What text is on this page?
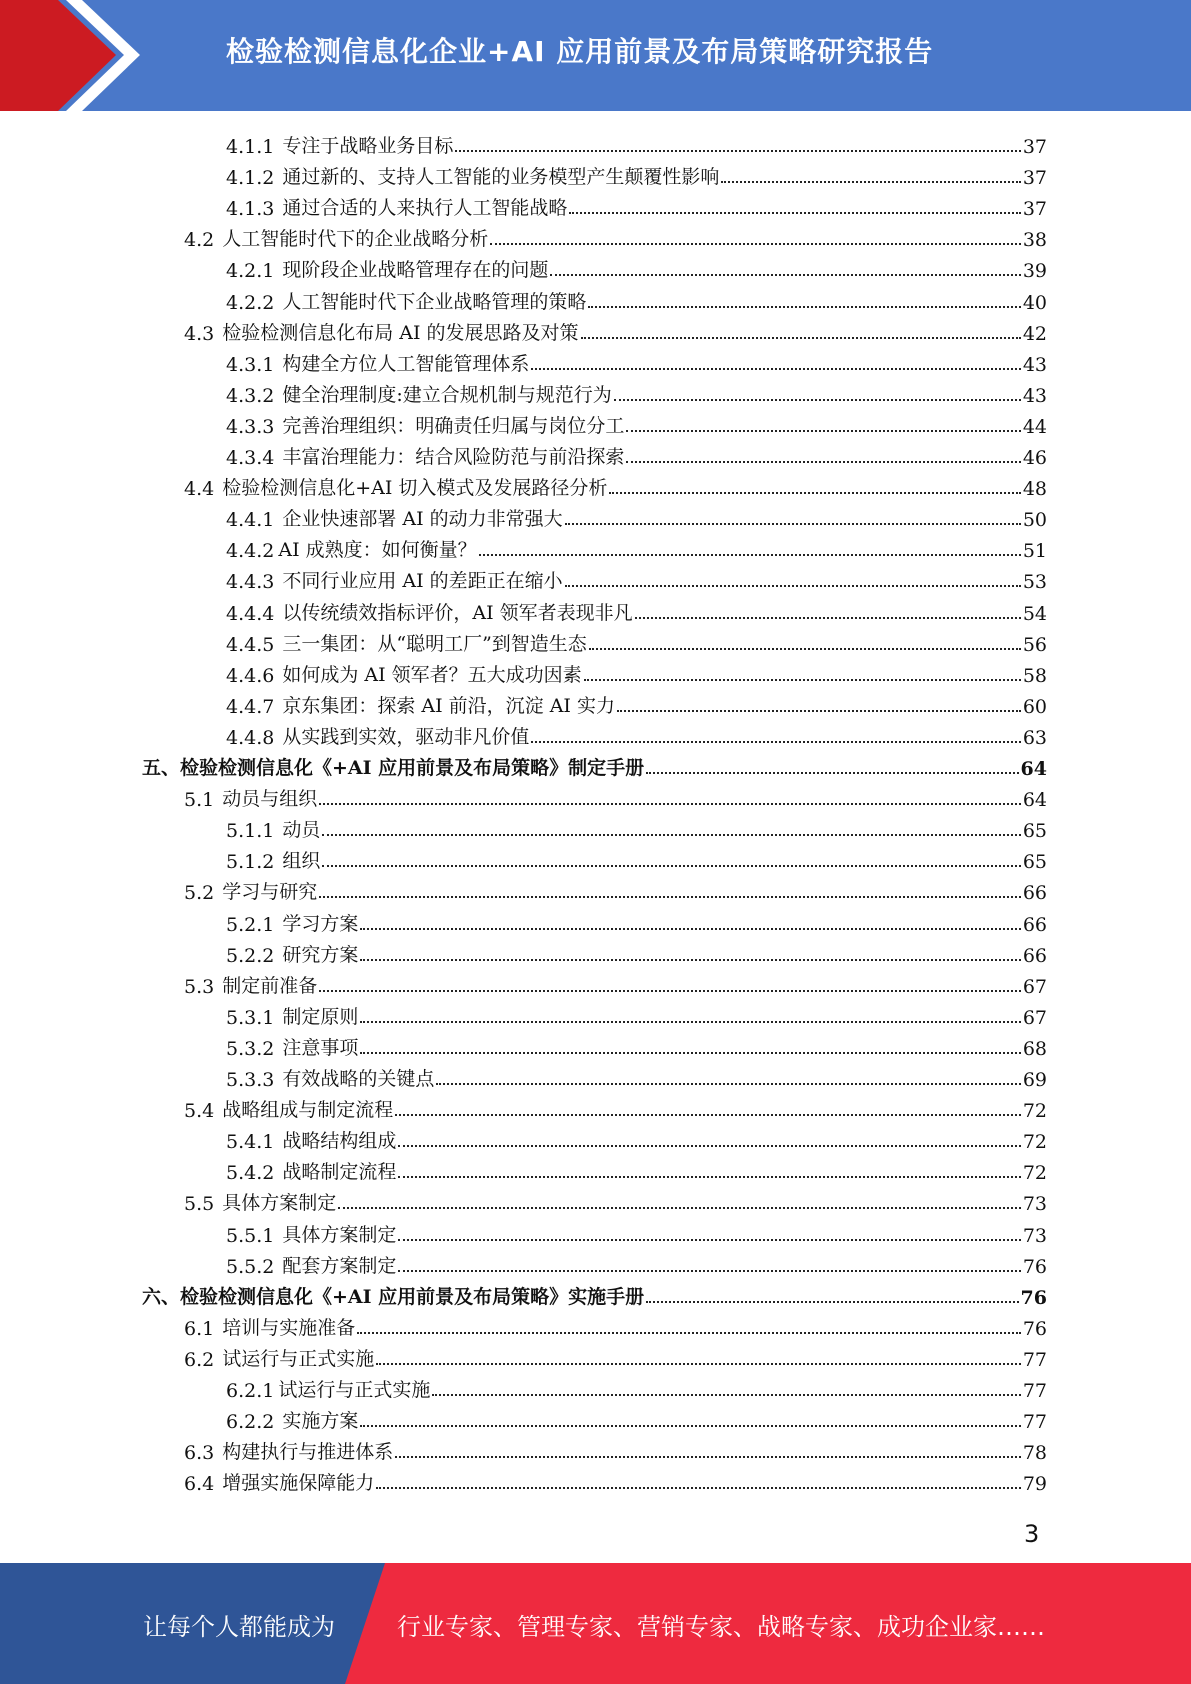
检验检测信息化企业+AI 应用前景及布局策略研究报告
4.1.1 专注于战略业务目标	37
4.1.2 通过新的、支持人工智能的业务模型产生颠覆性影响	37
4.1.3 通过合适的人来执行人工智能战略	37
4.2 人工智能时代下的企业战略分析	38
4.2.1 现阶段企业战略管理存在的问题	39
4.2.2 人工智能时代下企业战略管理的策略	40
4.3 检验检测信息化布局 AI 的发展思路及对策	42
4.3.1 构建全方位人工智能管理体系	43
4.3.2 健全治理制度:建立合规机制与规范行为	43
4.3.3 完善治理组织：明确责任归属与岗位分工	44
4.3.4 丰富治理能力：结合风险防范与前沿探索	46
4.4 检验检测信息化+AI 切入模式及发展路径分析	48
4.4.1 企业快速部署 AI 的动力非常强大	50
4.4.2 AI 成熟度：如何衡量？	51
4.4.3 不同行业应用 AI 的差距正在缩小	53
4.4.4 以传统绩效指标评价，AI 领军者表现非凡	54
4.4.5 三一集团：从“聪明工厂”到智造生态	56
4.4.6 如何成为 AI 领军者？五大成功因素	58
4.4.7 京东集团：探索 AI 前沿，沉淀 AI 实力	60
4.4.8 从实践到实效，驱动非凡价值	63
五、 检验检测信息化《+AI 应用前景及布局策略》制定手册	64
5.1 动员与组织	64
5.1.1 动员	65
5.1.2 组织	65
5.2 学习与研究	66
5.2.1 学习方案	66
5.2.2 研究方案	66
5.3 制定前准备	67
5.3.1 制定原则	67
5.3.2 注意事项	68
5.3.3 有效战略的关键点	69
5.4 战略组成与制定流程	72
5.4.1 战略结构组成	72
5.4.2 战略制定流程	72
5.5 具体方案制定	73
5.5.1 具体方案制定	73
5.5.2 配套方案制定	76
六、 检验检测信息化《+AI 应用前景及布局策略》实施手册	76
6.1 培训与实施准备	76
6.2 试运行与正式实施	77
6.2.1 试运行与正式实施	77
6.2.2 实施方案	77
6.3 构建执行与推进体系	78
6.4 增强实施保障能力	79
3
让每个人都能成为	行业专家、管理专家、营销专家、战略专家、成功企业家……
